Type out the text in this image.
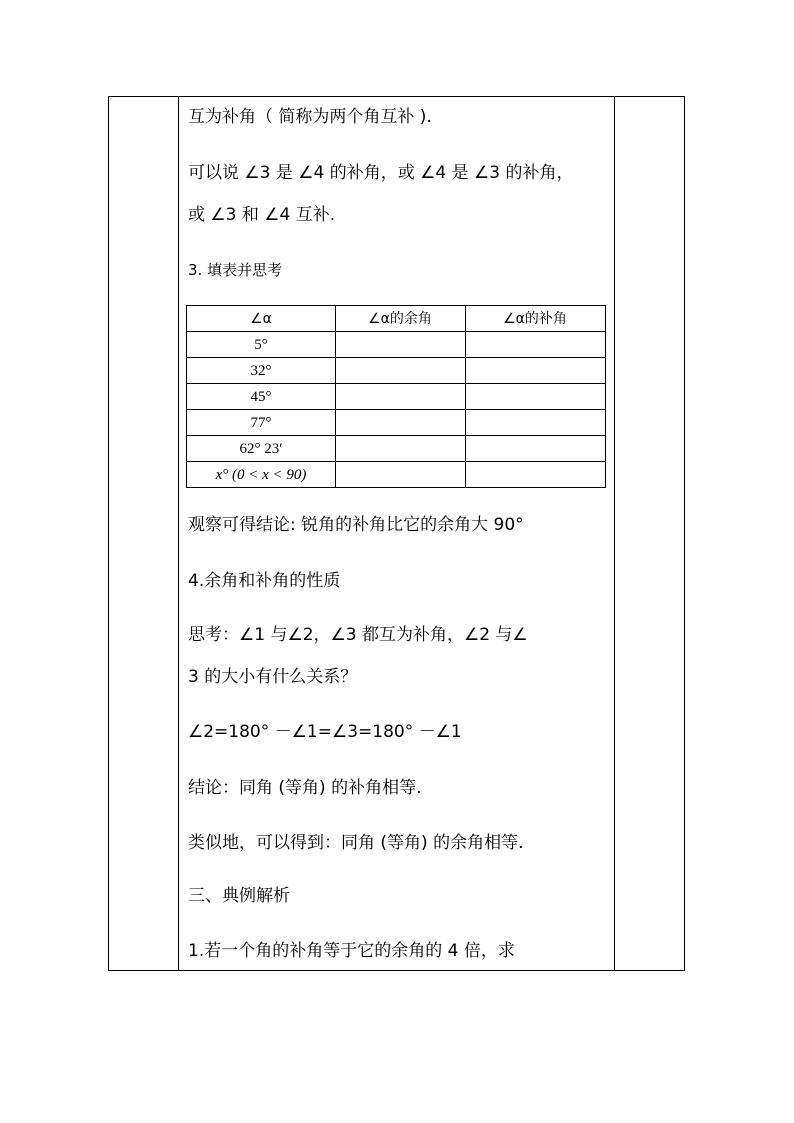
互为补角（ 简称为两个角互补 ).
可以说 ∠3 是 ∠4 的补角，或 ∠4 是 ∠3 的补角，
或 ∠3 和 ∠4 互补.
3. 填表并思考
∠α	∠α的余角	∠α的补角
5°
32°
45°
77°
62° 23′
x° (0 < x < 90)
观察可得结论: 锐角的补角比它的余角大 90°
4.余角和补角的性质
思考：∠1 与∠2，∠3 都互为补角，∠2 与∠
3 的大小有什么关系？
∠2=180° －∠1=∠3=180° －∠1
结论：同角 (等角) 的补角相等.
类似地，可以得到：同角 (等角) 的余角相等.
三、典例解析
1.若一个角的补角等于它的余角的 4 倍，求
